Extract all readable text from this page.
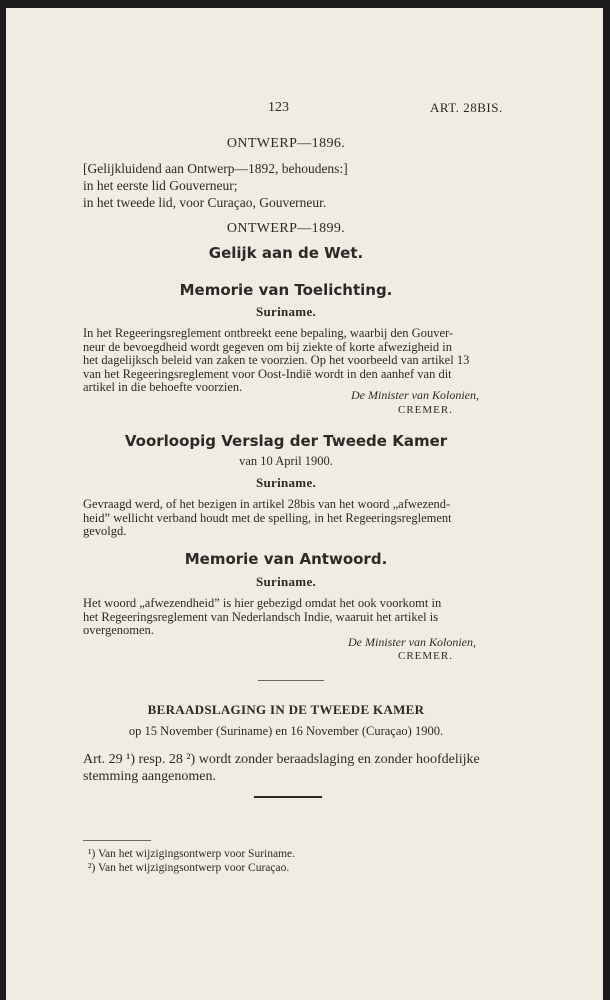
123	ART. 28BIS.
ONTWERP—1896.
[Gelijkluidend aan Ontwerp—1892, behoudens:]
in het eerste lid Gouverneur;
in het tweede lid, voor Curaçao, Gouverneur.
ONTWERP—1899.
Gelijk aan de Wet.
Memorie van Toelichting.
Suriname.
In het Regeeringsreglement ontbreekt eene bepaling, waarbij den Gouver-
neur de bevoegdheid wordt gegeven om bij ziekte of korte afwezigheid in
het dagelijksch beleid van zaken te voorzien. Op het voorbeeld van artikel 13
van het Regeeringsreglement voor Oost-Indië wordt in den aanhef van dit
artikel in die behoefte voorzien.
De Minister van Kolonien,
CREMER.
Voorloopig Verslag der Tweede Kamer
van 10 April 1900.
Suriname.
Gevraagd werd, of het bezigen in artikel 28bis van het woord „afwezend-
heid” wellicht verband houdt met de spelling, in het Regeeringsreglement
gevolgd.
Memorie van Antwoord.
Suriname.
Het woord „afwezendheid” is hier gebezigd omdat het ook voorkomt in
het Regeeringsreglement van Nederlandsch Indie, waaruit het artikel is
overgenomen.
De Minister van Kolonien,
CREMER.
BERAADSLAGING IN DE TWEEDE KAMER
op 15 November (Suriname) en 16 November (Curaçao) 1900.
Art. 29 ¹) resp. 28 ²) wordt zonder beraadslaging en zonder hoofdelijke
stemming aangenomen.
¹) Van het wijzigingsontwerp voor Suriname.
²) Van het wijzigingsontwerp voor Curaçao.
